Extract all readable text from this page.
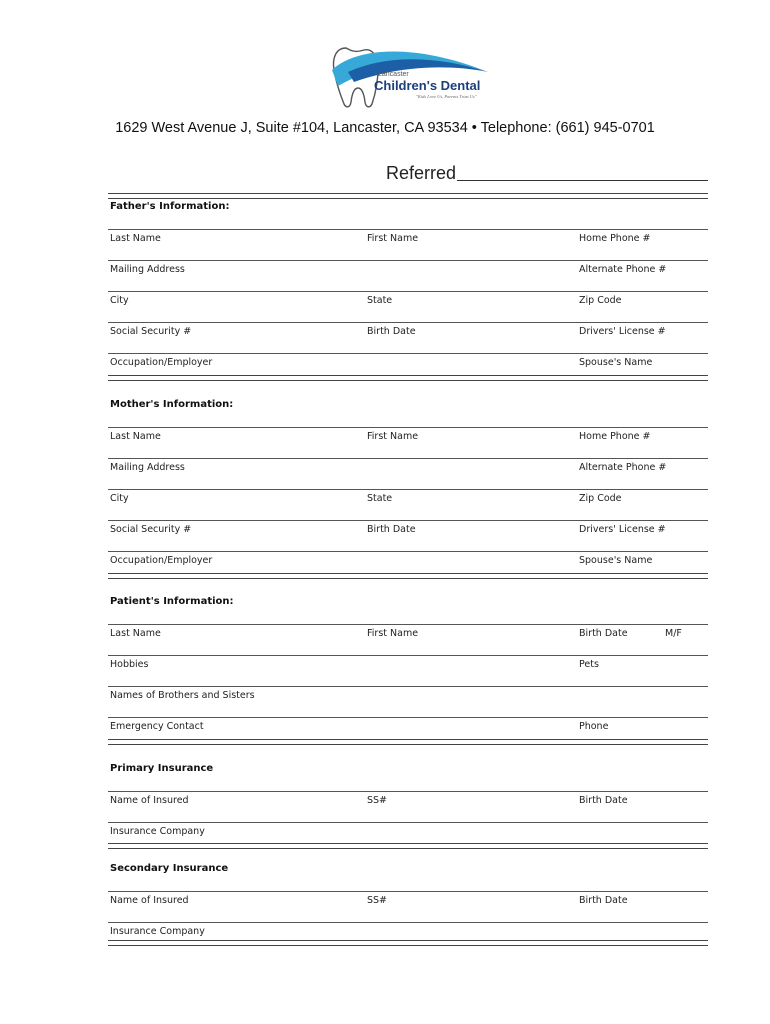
Lancaster
Children's Dental
"Kids Love Us, Parents Trust Us"
1629 West Avenue J, Suite #104, Lancaster, CA 93534 • Telephone: (661) 945-0701
Referred
Father's Information:
Last Name	First Name	Home Phone #
Mailing Address	Alternate Phone #
City	State	Zip Code
Social Security #	Birth Date	Drivers' License #
Occupation/Employer	Spouse's Name
Mother's Information:
Last Name	First Name	Home Phone #
Mailing Address	Alternate Phone #
City	State	Zip Code
Social Security #	Birth Date	Drivers' License #
Occupation/Employer	Spouse's Name
Patient's Information:
Last Name	First Name	Birth Date	M/F
Hobbies	Pets
Names of Brothers and Sisters
Emergency Contact	Phone
Primary Insurance
Name of Insured	SS#	Birth Date
Insurance Company
Secondary Insurance
Name of Insured	SS#	Birth Date
Insurance Company
